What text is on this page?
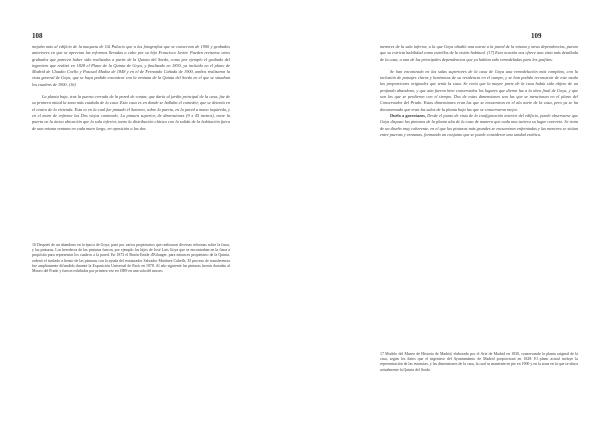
108

mejaba más al edificio de la maqueta de Gil Palacio que a las fotografías que se conservan de 1900 y grabados anteriores en que se aprecian las reformas llevadas a cabo por su hijo Francisco Javier. Pueden revisarse otros grabados que parecen haber sido realizados a partir de la Quinta del Sordo, como por ejemplo el grabado del ingeniero que realizó en 1828 el Plano de la Quinta de Goya, y finalizado en 1830, ya incluido en el plano de Madrid de Claudio Coello y Pascual Madoz de 1848 y en el de Fernando Cañada de 1900, ambos realizaron la vista general de Goya, que se haya podido encontrar con la ventana de la Quinta del Sordo en el que se situaban los cuadros de 1900. (16)

La planta baja, tras la puerta cerrada de la pared de contar, que daría al jardín principal de la casa, fue de su primera mitad la zona más cuidada de la casa. Esta casa es en donde se hallaba el comedor, que se detenía en el centro de la vivienda. Esta es en la cual fue pintado el Saturno, sobre la puerta, en la pared a mano izquierda, y en el muro de enfrente las Dos viejas comiendo. La pintura superior, de dimensiones (9 x 45 metros), entre la puerta en la única ubicación que la sala inferior, tanto la distribución clásica con la salida de la habitación fuera de una misma ventana en cada muro largo, en oposición a las dos

16 Después de un abandono en la época de Goya, pasó por varios propietarios que realizaron diversas reformas sobre la finca, y las pinturas. Los herederos de las pinturas fueron, por ejemplo los hijos de José Luis Goya que se encontraban en la finca a propósito para representar los cuadros a la pared. En 1873 el Barón Emile d'Erlanger, para entonces propietario de la Quinta, ordenó el traslado a lienzo de las pinturas con la ayuda del restaurador Salvador Martínez Cubells. El proceso de transferencia fue ampliamente difundido durante la Exposición Universal de París en 1878. Al año siguiente las pinturas fueron donadas al Museo del Prado y fueron exhibidas por primera vez en 1889 en una sala del museo.

109

menores de la sala inferior, a la que Goya añadió una nueva a la pared de la misma y otras dependencias, puesto que su estricta habilidad como estrellas de la visión habitual. (17) Esta ocasión nos ofrece una vista más detallada de la casa, a una de las principales dependencias que ya habían sido remodeladas para los grafitos.

Se han encontrado en las salas superiores de la casa de Goya una remodelación más completa, con la inclusión de paisajes claros y luminosos de su residencia en el campo, y se han podido reconstruir de este modo las proporciones originales que tenía la casa. Se creía que la mayor parte de la casa había sido objeto de un profundo abandono, y que aún fueron bien conservados los lugares que dieron luz a la obra final de Goya, y que son los que se perdieron con el tiempo. Dos de estas dimensiones son las que se mencionan en el plano del Conservador del Prado. Estas dimensiones eran las que se encuentran en el ala norte de la casa, pero ya se ha documentado que eran las salas de la planta baja las que se conservaron mejor.

Duelo a garrotazos, Desde el punto de vista de la configuración interior del edificio, puede observarse que Goya dispuso las pinturas de la planta alta de la casa de manera que cada una tuviera su lugar concreto. Se trata de un diseño muy coherente, en el que las pinturas más grandes se encuentran enfrentadas y las menores se sitúan entre puertas y ventanas, formando un conjunto que se puede considerar una unidad estética.

17 Modelo del Museo de Historia de Madrid, elaborado por el Arte de Madrid en 1830, conservando la planta original de la casa, según los datos que el ingeniero del Ayuntamiento de Madrid proporcionó en 1828. El plano actual incluye la representación de las estancias, y las dimensiones de la casa, la cual se mantenía en pie en 1900 y en la zona en la que se ubica actualmente la Quinta del Sordo.
